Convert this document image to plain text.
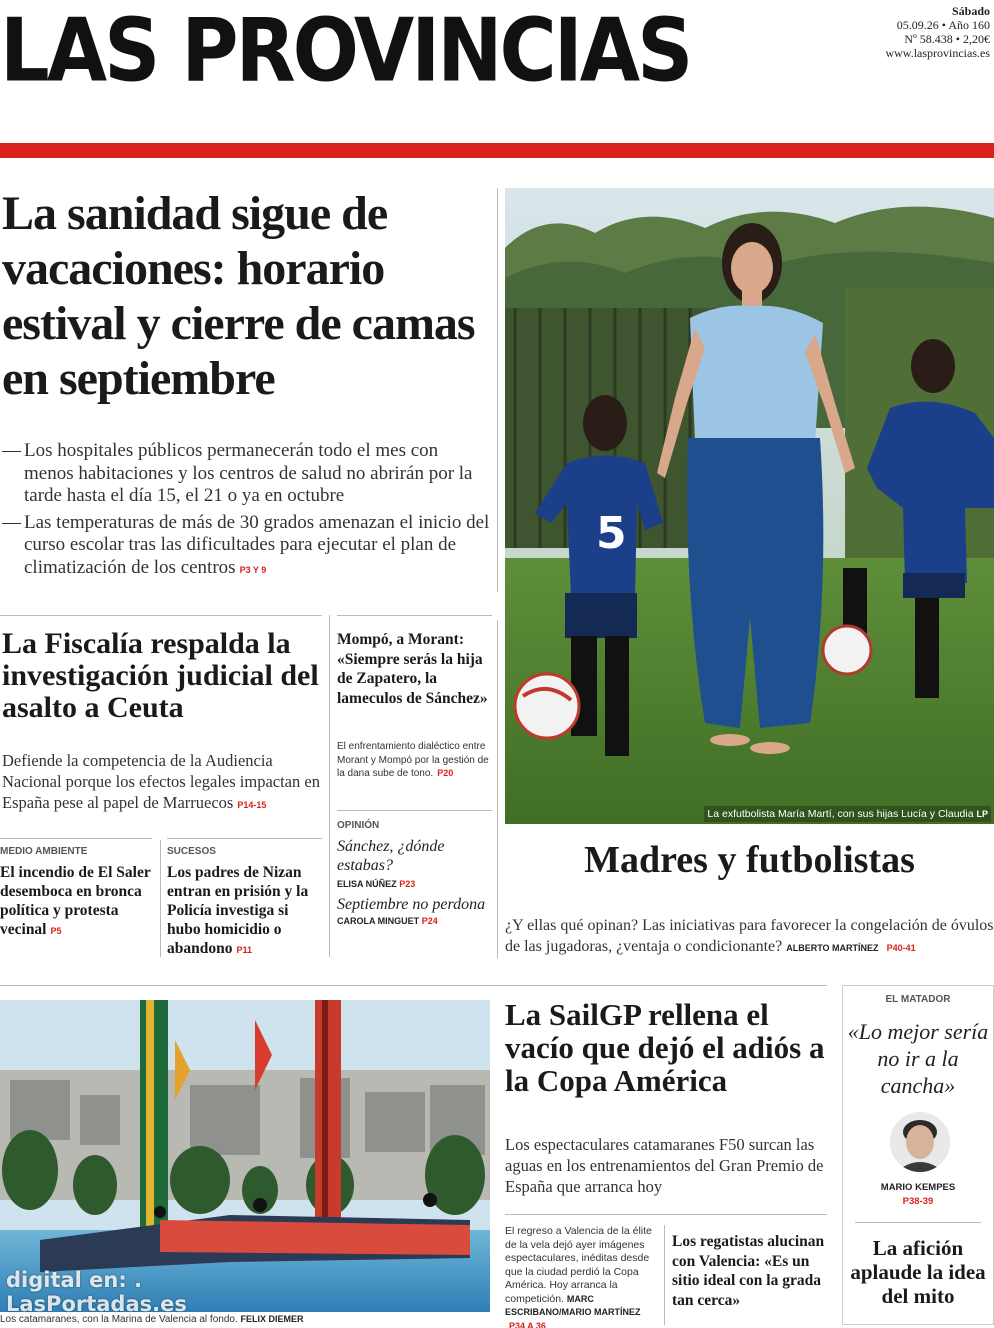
LAS PROVINCIAS	Sábado
05.09.26 • Año 160
Nº 58.438 • 2,20€
www.lasprovincias.es
La sanidad sigue de vacaciones: horario estival y cierre de camas en septiembre
— Los hospitales públicos permanecerán todo el mes con menos habitaciones y los centros de salud no abrirán por la tarde hasta el día 15, el 21 o ya en octubre
— Las temperaturas de más de 30 grados amenazan el inicio del curso escolar tras las dificultades para ejecutar el plan de climatización de los centros P3 Y 9
5
La exfutbolista María Martí, con sus hijas Lucía y Claudia LP
Madres y futbolistas
¿Y ellas qué opinan? Las iniciativas para favorecer la congelación de óvulos de las jugadoras, ¿ventaja o condicionante? ALBERTO MARTÍNEZ P40-41
La Fiscalía respalda la investigación judicial del asalto a Ceuta
Defiende la competencia de la Audiencia Nacional porque los efectos legales impactan en España pese al papel de Marruecos P14-15
Mompó, a Morant: «Siempre serás la hija de Zapatero, la lameculos de Sánchez»
El enfrentamiento dialéctico entre Morant y Mompó por la gestión de la dana sube de tono. P20
MEDIO AMBIENTE
El incendio de El Saler desemboca en bronca política y protesta vecinal P5
SUCESOS
Los padres de Nizan entran en prisión y la Policía investiga si hubo homicidio o abandono P11
OPINIÓN
Sánchez, ¿dónde estabas?
ELISA NÚÑEZ P23
Septiembre no perdona
CAROLA MINGUET P24
Los catamaranes, con la Marina de Valencia al fondo. FELIX DIEMER
digital en: .
LasPortadas.es
La SailGP rellena el vacío que dejó el adiós a la Copa América
Los espectaculares catamaranes F50 surcan las aguas en los entrenamientos del Gran Premio de España que arranca hoy
El regreso a Valencia de la élite de la vela dejó ayer imágenes espectaculares, inéditas desde que la ciudad perdió la Copa América. Hoy arranca la competición. MARC ESCRIBANO/MARIO MARTÍNEZ P34 A 36
Los regatistas alucinan con Valencia: «Es un sitio ideal con la grada tan cerca»
EL MATADOR
«Lo mejor sería no ir a la cancha»
MARIO KEMPES
P38-39
La afición aplaude la idea del mito
